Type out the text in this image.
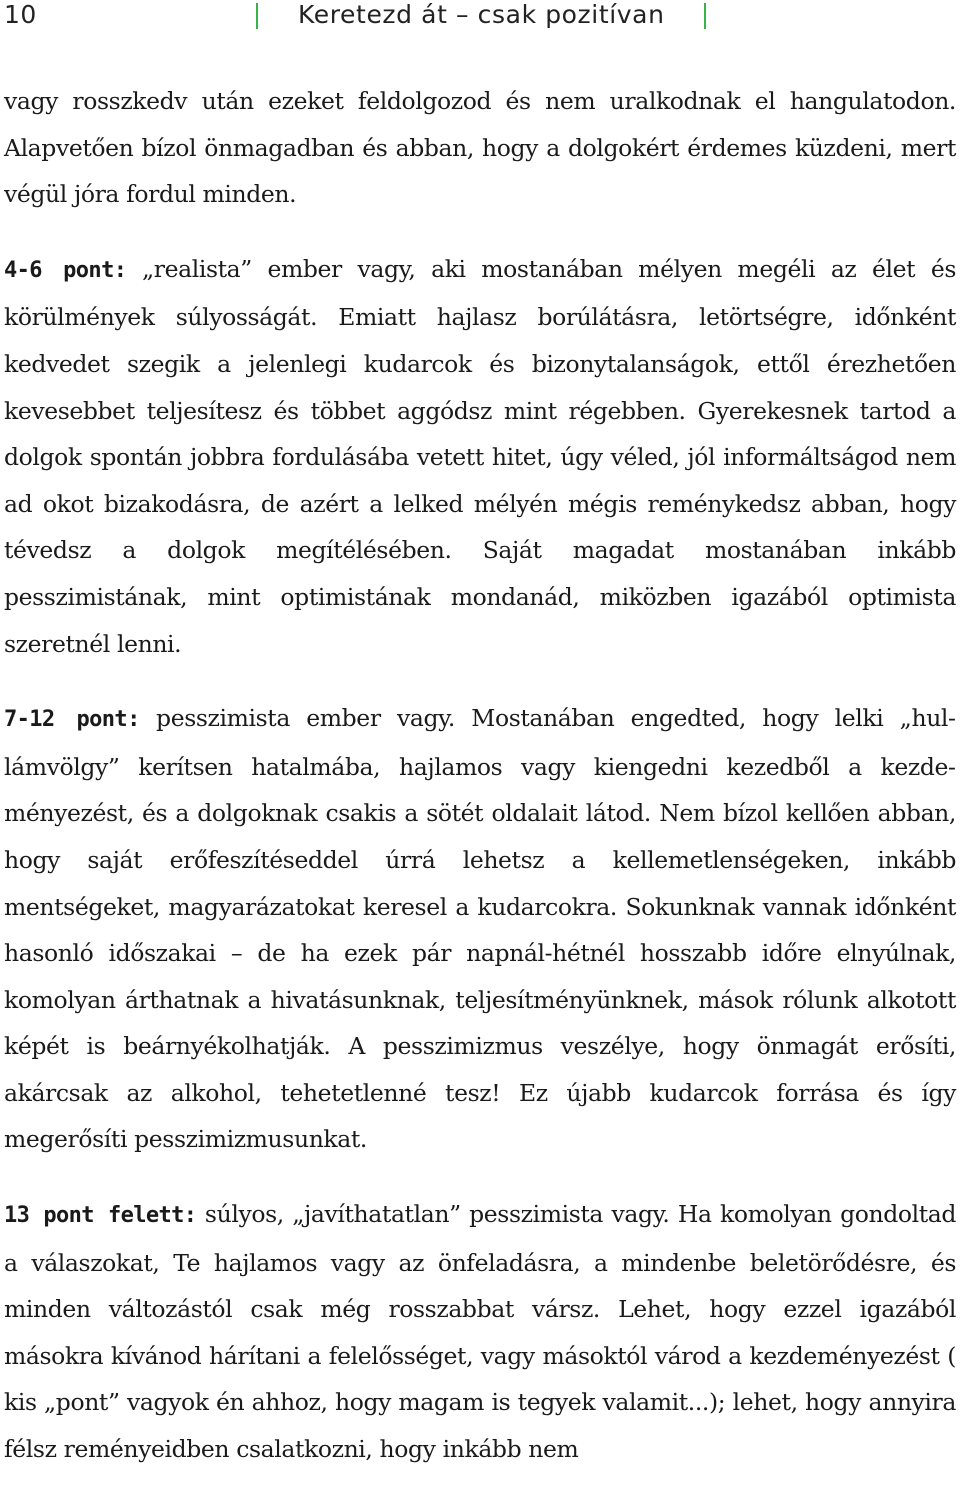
10	Keretezd át – csak pozitívan

vagy rosszkedv után ezeket feldolgozod és nem uralkodnak el hangulatodon. Alapvetően bízol önmagadban és abban, hogy a dolgokért érdemes küzdeni, mert végül jóra fordul minden.

4-6 pont: „realista” ember vagy, aki mostanában mélyen megéli az élet és körülmények súlyosságát. Emiatt hajlasz borúlátásra, letörtségre, időnként kedvedet szegik a jelenlegi kudarcok és bizonytalanságok, ettől érezhetően kevesebbet teljesítesz és többet aggódsz mint régebben. Gyerekesnek tartod a dolgok spontán jobbra fordulásába vetett hitet, úgy véled, jól informáltságod nem ad okot bizakodásra, de azért a lelked mélyén mégis reménykedsz abban, hogy tévedsz a dolgok megítélésében. Saját magadat mostanában inkább pesszimistának, mint optimistának mondanád, miközben igazából optimista szeretnél lenni.

7-12 pont: pesszimista ember vagy. Mostanában engedted, hogy lelki „hullámvölgy” kerítsen hatalmába, hajlamos vagy kiengedni kezedből a kezdeményezést, és a dolgoknak csakis a sötét oldalait látod. Nem bízol kellően abban, hogy saját erőfeszítéseddel úrrá lehetsz a kellemetlenségeken, inkább mentségeket, magyarázatokat keresel a kudarcokra. Sokunknak vannak időnként hasonló időszakai – de ha ezek pár napnál-hétnél hosszabb időre elnyúlnak, komolyan árthatnak a hivatásunknak, teljesítményünknek, mások rólunk alkotott képét is beárnyékolhatják. A pesszimizmus veszélye, hogy önmagát erősíti, akárcsak az alkohol, tehetetlenné tesz! Ez újabb kudarcok forrása és így megerősíti pesszimizmusunkat.

13 pont felett: súlyos, „javíthatatlan” pesszimista vagy. Ha komolyan gondoltad a válaszokat, Te hajlamos vagy az önfeladásra, a mindenbe beletörődésre, és minden változástól csak még rosszabbat vársz. Lehet, hogy ezzel igazából másokra kívánod hárítani a felelősséget, vagy másoktól várod a kezdeményezést ( kis „pont” vagyok én ahhoz, hogy magam is tegyek valamit...); lehet, hogy annyira félsz reményeidben csalatkozni, hogy inkább nem
